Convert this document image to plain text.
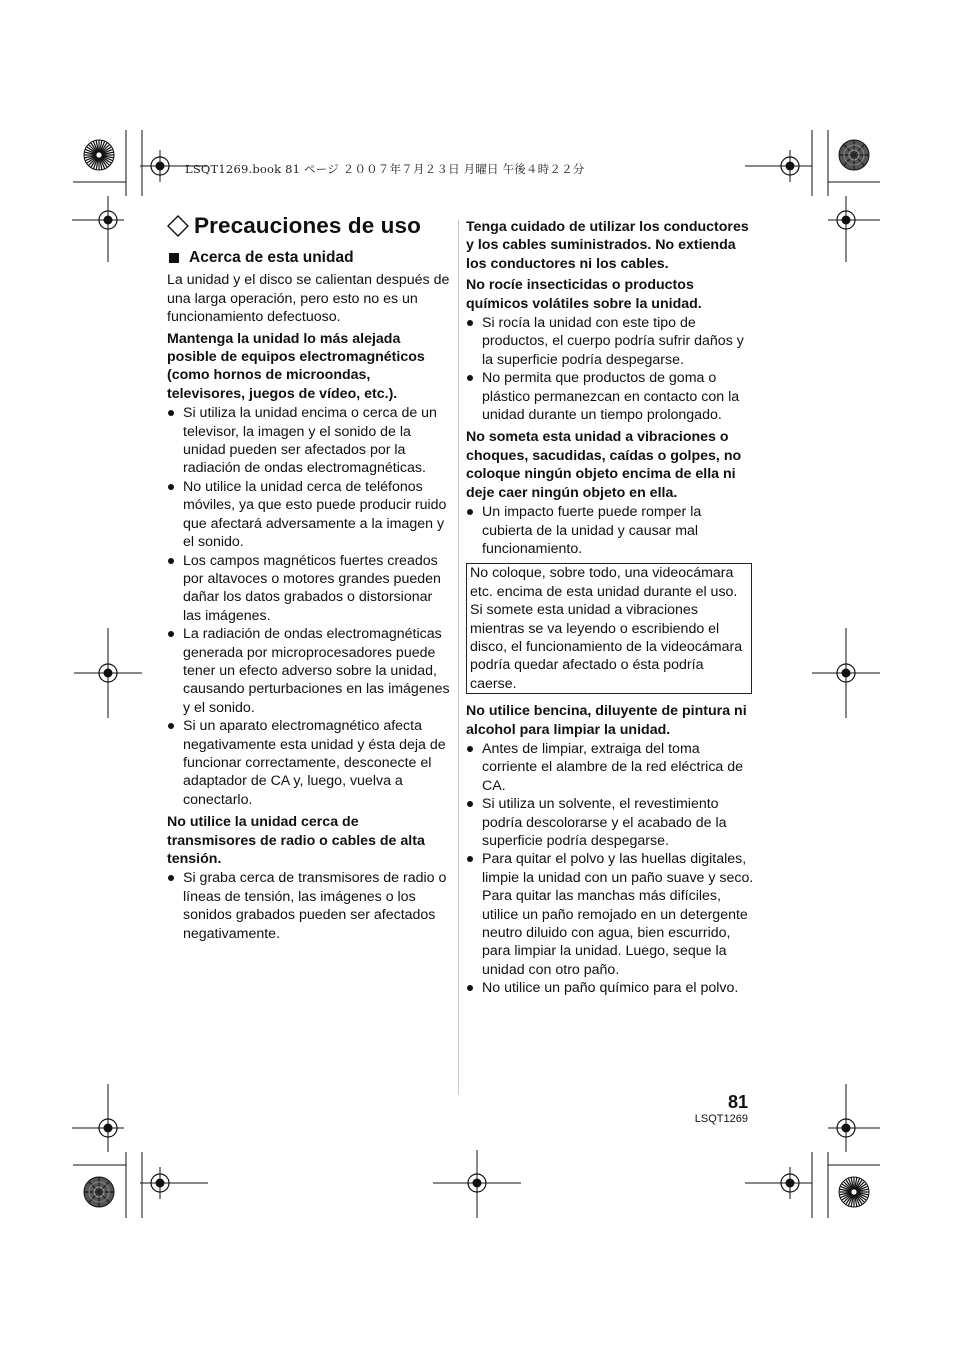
LSQT1269.book 81 ページ ２００７年７月２３日 月曜日 午後４時２２分
Precauciones de uso
Acerca de esta unidad

La unidad y el disco se calientan después de una larga operación, pero esto no es un funcionamiento defectuoso.

Mantenga la unidad lo más alejada posible de equipos electromagnéticos (como hornos de microondas, televisores, juegos de vídeo, etc.).

Si utiliza la unidad encima o cerca de un televisor, la imagen y el sonido de la unidad pueden ser afectados por la radiación de ondas electromagnéticas.
No utilice la unidad cerca de teléfonos móviles, ya que esto puede producir ruido que afectará adversamente a la imagen y el sonido.
Los campos magnéticos fuertes creados por altavoces o motores grandes pueden dañar los datos grabados o distorsionar las imágenes.
La radiación de ondas electromagnéticas generada por microprocesadores puede tener un efecto adverso sobre la unidad, causando perturbaciones en las imágenes y el sonido.
Si un aparato electromagnético afecta negativamente esta unidad y ésta deja de funcionar correctamente, desconecte el adaptador de CA y, luego, vuelva a conectarlo.

No utilice la unidad cerca de transmisores de radio o cables de alta tensión.

Si graba cerca de transmisores de radio o líneas de tensión, las imágenes o los sonidos grabados pueden ser afectados negativamente.

Tenga cuidado de utilizar los conductores y los cables suministrados. No extienda los conductores ni los cables.

No rocíe insecticidas o productos químicos volátiles sobre la unidad.

Si rocía la unidad con este tipo de productos, el cuerpo podría sufrir daños y la superficie podría despegarse.
No permita que productos de goma o plástico permanezcan en contacto con la unidad durante un tiempo prolongado.

No someta esta unidad a vibraciones o choques, sacudidas, caídas o golpes, no coloque ningún objeto encima de ella ni deje caer ningún objeto en ella.

Un impacto fuerte puede romper la cubierta de la unidad y causar mal funcionamiento.
No coloque, sobre todo, una videocámara etc. encima de esta unidad durante el uso. Si somete esta unidad a vibraciones mientras se va leyendo o escribiendo el disco, el funcionamiento de la videocámara podría quedar afectado o ésta podría caerse.

No utilice bencina, diluyente de pintura ni alcohol para limpiar la unidad.

Antes de limpiar, extraiga del toma corriente el alambre de la red eléctrica de CA.
Si utiliza un solvente, el revestimiento podría descolorarse y el acabado de la superficie podría despegarse.
Para quitar el polvo y las huellas digitales, limpie la unidad con un paño suave y seco. Para quitar las manchas más difíciles, utilice un paño remojado en un detergente neutro diluido con agua, bien escurrido, para limpiar la unidad. Luego, seque la unidad con otro paño.
No utilice un paño químico para el polvo.
81
LSQT1269
